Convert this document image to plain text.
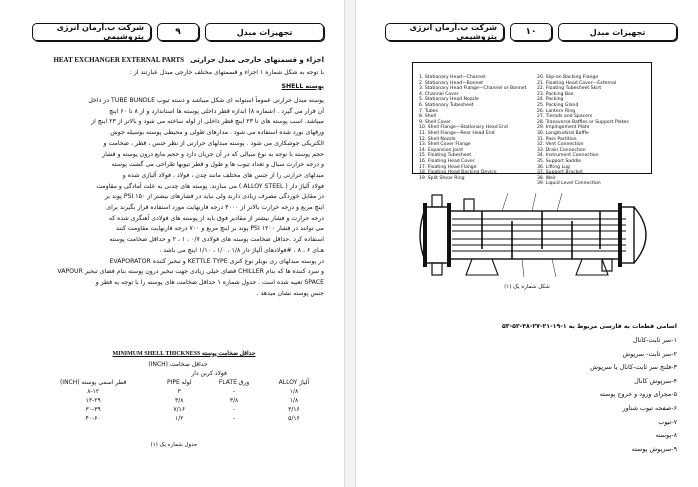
شرکت ب.آرمان انرژی پتروشیمی	۹	تجهیزات مبدل
HEAT EXCHANGER EXTERNAL PARTS اجزاء و قسمتهای خارجی مبدل حرارتی
با توجه به شکل شماره ۱ اجزاء و قسمتهای مختلف خارجی مبدل عبارتند از :
پوسته SHELL
پوسته مبدل حرارتی عموماً استوانه ای شکل میباشد و دسته تیوب TUBE BUNDLE در داخل
آن قرار می گیرد . (شماره ۸) اندازه قطر داخلی پوسته ها استاندارد و از ۸ تا ۶۰ اینچ
میباشد. اسب پوسته های تا ۲۳ اینچ قطر داخلی از لوله ساخته می شود و بالاتر از ۲۳ اینچ از
ورقهای نورد شده استفاده می شود . مدارهای طولی و محیطی پوسته بوسیله جوش
الکتریکی جوشکاری می شود . پوسته مبدلهای حرارتی از نظر جنس ، قطر ، ضخامت و
حجم پوسته با توجه به نوع سیالی که در آن جریان دارد و حجم مایع درون پوسته و فشار
و درجه حرارت سیال و تعداد تیوب ها و طول و قطر تیوبها طراحی می گشت پوسته
مبدلهای حرارتی را از جنس های مختلف مانند چدن ، فولاد ، فولاد آلیاژی شده و
فولاد آلیاژ دار ( ALLOY STEEL ) می سازند. پوسته های چدنی به علت آمادگی و مقاومت
در مقابل خوردگی مصرف زیادی دارند ولی نباید در فشارهای بیشتر از PSI ۱۵۰ پوند بر
اینچ مربع و درجه حرارت بالاتر از ۴۰۰۰ درجه فارنهایت مورد استفاده قرار بگیرند برای
درجه حرارت و فشار بیشتر از مقادیر فوق باید از پوسته های فولادی آهنگری شده که
می توانند در فشار PSI ۱۲۰۰ پوند بر اینچ مربع و ۷۰۰ درجه فارنهایت مقاومت کنند
استفاده کرد .حداقل ضخامت پوسته های فولادی ۰/۷ ، ۱ ، ۲ و حداقل ضخامت پوسته
هـای ۶ ، ۸ ، #فولادهای آلیاژ دار ۱/۸ ، ۱/۰ ، ۱/۱۰ اینچ می باشد .
در پوسته مبدلهای ری بویلر نوع کتری KETTLE TYPE و تبخیر کننده EVAPORATOR
و سرد کننده ها که بنام CHILLER فضای خیلی زیادی جهت تبخیر درون پوسته بنام فضای تبخیر VAPOUR
SPACE تعبیه شده است . جدول شماره ۱ حداقل ضخامت های پوسته را با توجه به قطر و
جنس پوسته نشان میدهد .
MINIMUM SHELL THICKNESS حداقل ضخامت پوسته
حداقل ضخامت (INCH)			
	فولاد کربن دار		
قطر اسمی پوسته (INCH)	لوله PIPE	FLATE ورق	آلیاژ ALLOY
۸-۱۲	۳	-	۱/۸
۱۳-۲۹	۳/۸	۳/۸	۱/۸
۳۰-۳۹	۷/۱۶	-	۳/۱۶
۴۰-۶۰	۱/۲	-	۵/۱۶
جدول شماره یک (۱)
شرکت ب.آرمان انرژی پتروشیمی	۱۰	تجهیزات مبدل
1. Stationary Head—Channel
2. Stationary Head—Bonnet
3. Stationary Head Flange—Channel or Bonnet
4. Channel Cover
5. Stationary Head Nozzle
6. Stationary Tubesheet
7. Tubes
8. Shell
9. Shell Cover
10. Shell Flange—Stationary Head End
11. Shell Flange—Rear Head End
12. Shell Nozzle
13. Shell Cover Flange
14. Expansion Joint
15. Floating Tubesheet
16. Floating Head Cover
17. Floating Head Flange
18. Floating Head Backing Device
19. Split Shear Ring
20. Slip-on Backing Flange
21. Floating Head Cover—External
22. Floating Tubesheet Skirt
23. Packing Box
24. Packing
25. Packing Gland
26. Lantern Ring
27. Tierods and Spacers
28. Transverse Baffles or Support Plates
29. Impingement Plate
30. Longitudinal Baffle
31. Pass Partition
32. Vent Connection
33. Drain Connection
34. Instrument Connection
35. Support Saddle
36. Lifting Lug
37. Support Bracket
38. Weir
39. Liquid Level Connection
شکل شماره یک (۱)
اسامی قطعات به فارسی مربوط به ۱-۱۹-۲۱-۲۷-۴۸-۵۲-۵۳
۱-سر ثابت-کانال
۲-سر ثابت- سرپوش
۳-فلنج سر ثابت-کانال یا سرپوش
۴-سرپوش کانال
۵-مجرای ورود و خروج پوسته
۶-صفحه تیوب شناور
۷-تیوب
۸-پوسته
۹-سرپوش پوسته
